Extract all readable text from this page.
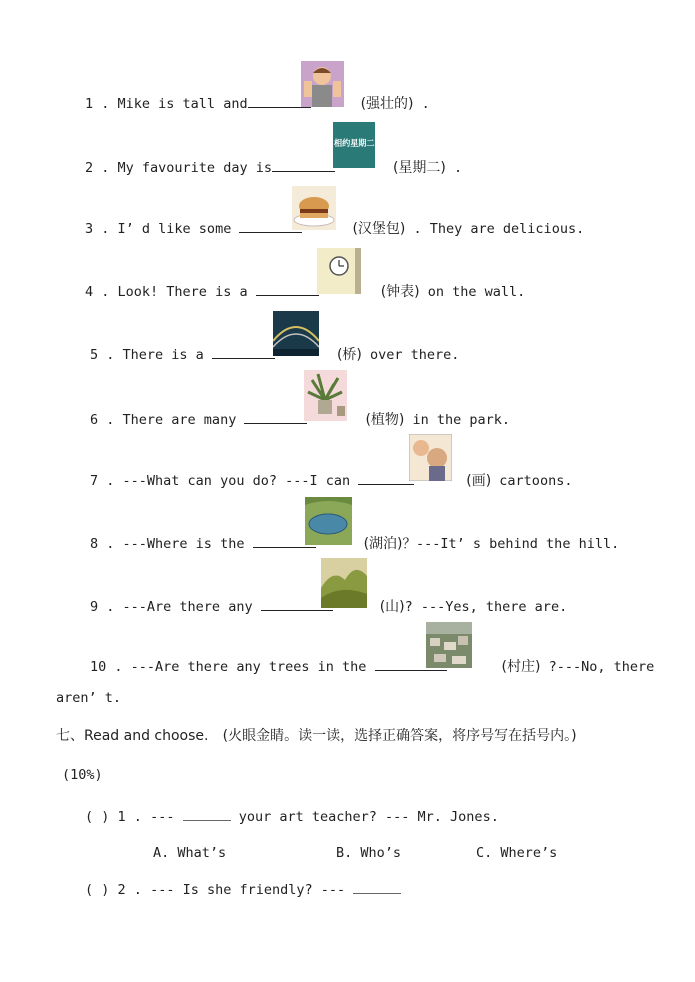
1 . Mike is tall and	(强壮的) .
2 . My favourite day is	(星期二) .
相约星期二
3 . I’ d like some	(汉堡包) . They are delicious.
4 . Look! There is a	(钟表) on the wall.
5 . There is a	(桥) over there.
6 . There are many	(植物) in the park.
7 . ---What can you do? ---I can	(画) cartoons.
8 . ---Where is the	(湖泊)？---It’ s behind the hill.
9 . ---Are there any	(山)? ---Yes, there are.
10 . ---Are there any trees in the	(村庄) ?---No, there
aren’ t.
七、Read and choose. (火眼金睛。读一读，选择正确答案，将序号写在括号内。)
(10%)
( ) 1 . ---	your art teacher? --- Mr. Jones.
A. What’s	B. Who’s	C. Where’s
( ) 2 . --- Is she friendly? ---
